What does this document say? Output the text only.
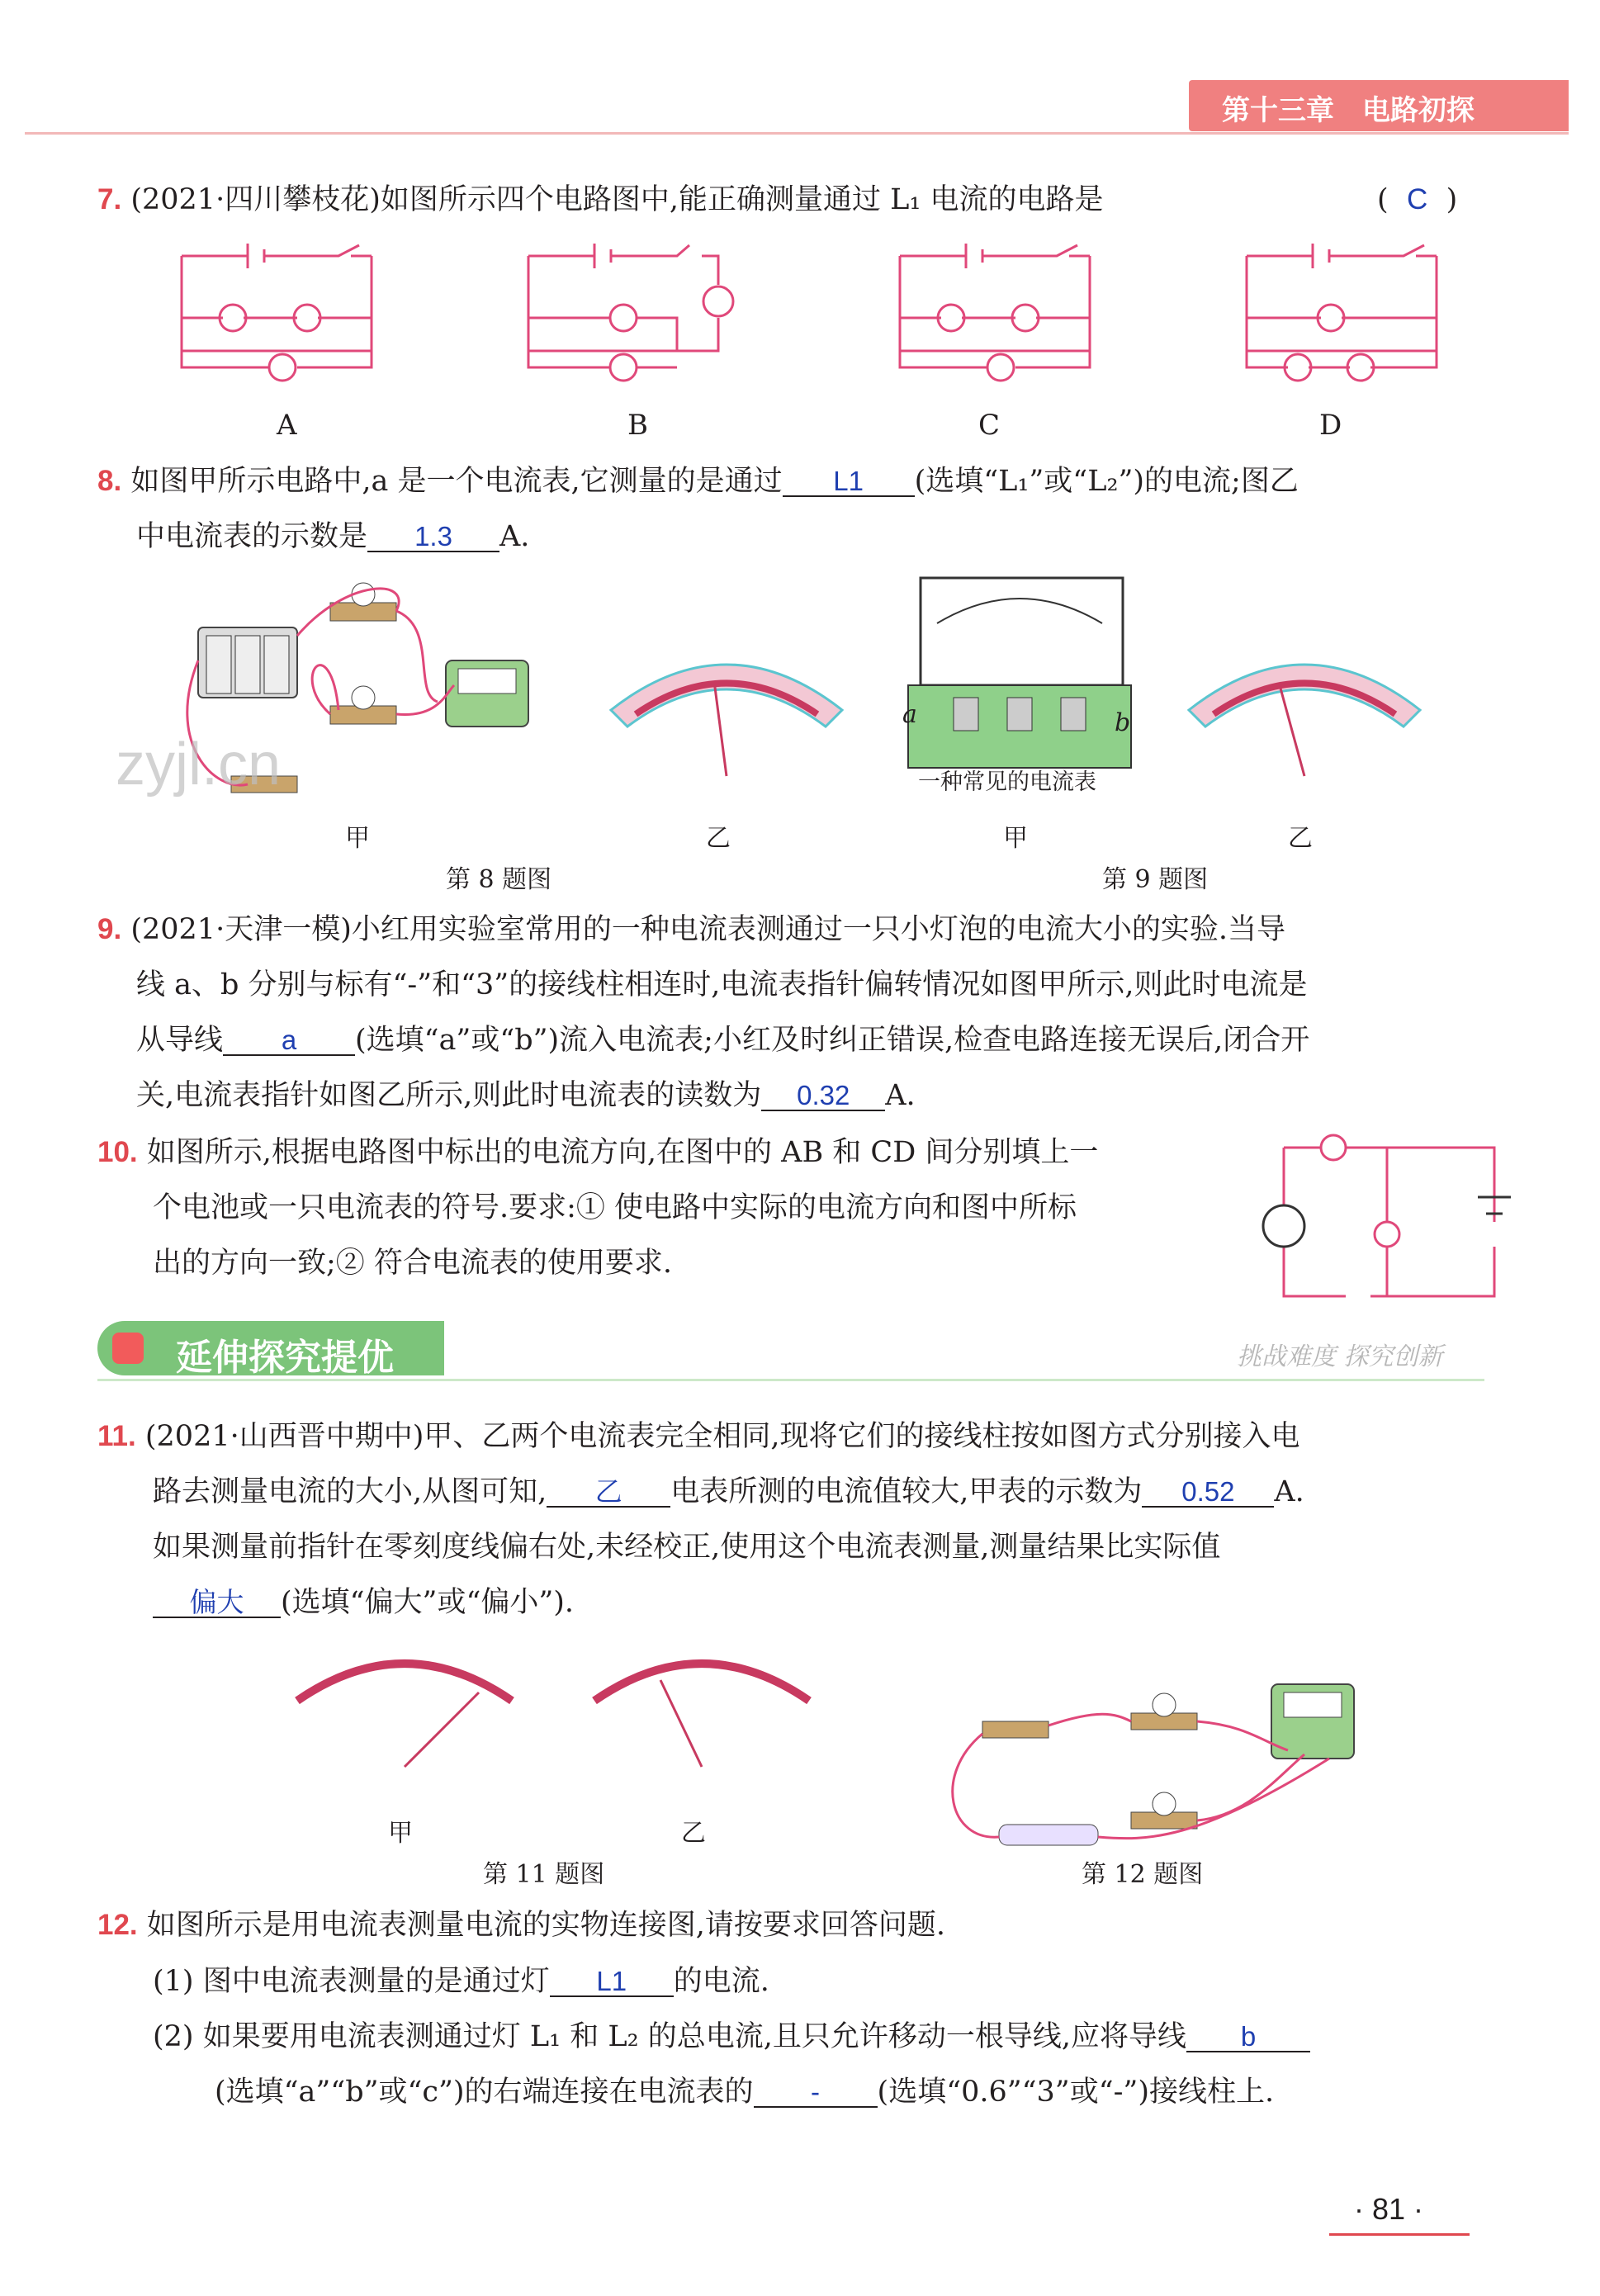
第十三章　电路初探
7. (2021·四川攀枝花)如图所示四个电路图中,能正确测量通过 L₁ 电流的电路是	( C )
A	B	C	D
8. 如图甲所示电路中,a 是一个电流表,它测量的是通过 L1 (选填“L₁”或“L₂”)的电流;图乙
中电流表的示数是 1.3 A.
zyjl.cn	一种常见的电流表
a	b
甲	乙	甲	乙
第 8 题图	第 9 题图
9. (2021·天津一模)小红用实验室常用的一种电流表测通过一只小灯泡的电流大小的实验.当导
线 a、b 分别与标有“-”和“3”的接线柱相连时,电流表指针偏转情况如图甲所示,则此时电流是
从导线 a (选填“a”或“b”)流入电流表;小红及时纠正错误,检查电路连接无误后,闭合开
关,电流表指针如图乙所示,则此时电流表的读数为 0.32 A.
10. 如图所示,根据电路图中标出的电流方向,在图中的 AB 和 CD 间分别填上一
个电池或一只电流表的符号.要求:① 使电路中实际的电流方向和图中所标
出的方向一致;② 符合电流表的使用要求.
延伸探究提优	挑战难度 探究创新
11. (2021·山西晋中期中)甲、乙两个电流表完全相同,现将它们的接线柱按如图方式分别接入电
路去测量电流的大小,从图可知, 乙 电表所测的电流值较大,甲表的示数为 0.52 A.
如果测量前指针在零刻度线偏右处,未经校正,使用这个电流表测量,测量结果比实际值
偏大 (选填“偏大”或“偏小”).
甲	乙
第 11 题图	第 12 题图
12. 如图所示是用电流表测量电流的实物连接图,请按要求回答问题.
(1) 图中电流表测量的是通过灯 L1 的电流.
(2) 如果要用电流表测通过灯 L₁ 和 L₂ 的总电流,且只允许移动一根导线,应将导线 b
(选填“a”“b”或“c”)的右端连接在电流表的 - (选填“0.6”“3”或“-”)接线柱上.
· 81 ·
